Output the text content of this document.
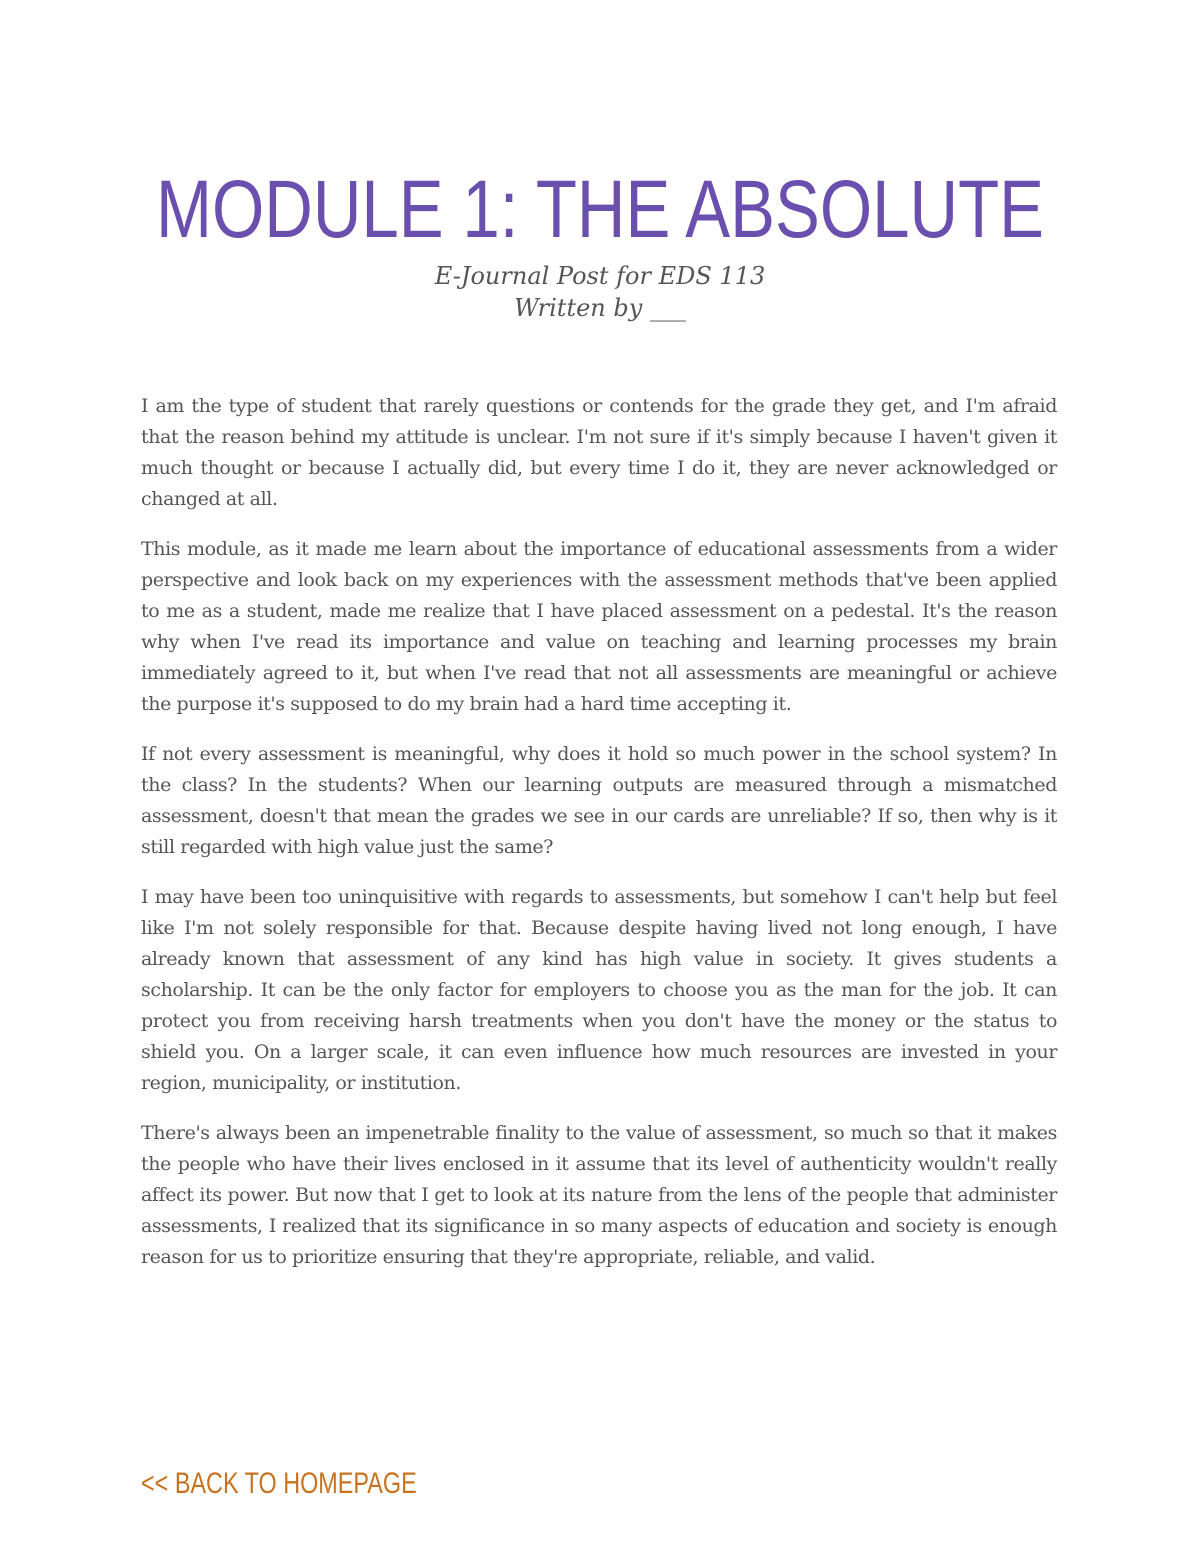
MODULE 1: THE ABSOLUTE
E-Journal Post for EDS 113
Written by ___

I am the type of student that rarely questions or contends for the grade they get, and I'm afraid that the reason behind my attitude is unclear. I'm not sure if it's simply because I haven't given it much thought or because I actually did, but every time I do it, they are never acknowledged or changed at all.

This module, as it made me learn about the importance of educational assessments from a wider perspective and look back on my experiences with the assessment methods that've been applied to me as a student, made me realize that I have placed assessment on a pedestal. It's the reason why when I've read its importance and value on teaching and learning processes my brain immediately agreed to it, but when I've read that not all assessments are meaningful or achieve the purpose it's supposed to do my brain had a hard time accepting it.

If not every assessment is meaningful, why does it hold so much power in the school system? In the class? In the students? When our learning outputs are measured through a mismatched assessment, doesn't that mean the grades we see in our cards are unreliable? If so, then why is it still regarded with high value just the same?

I may have been too uninquisitive with regards to assessments, but somehow I can't help but feel like I'm not solely responsible for that. Because despite having lived not long enough, I have already known that assessment of any kind has high value in society. It gives students a scholarship. It can be the only factor for employers to choose you as the man for the job. It can protect you from receiving harsh treatments when you don't have the money or the status to shield you. On a larger scale, it can even influence how much resources are invested in your region, municipality, or institution.

There's always been an impenetrable finality to the value of assessment, so much so that it makes the people who have their lives enclosed in it assume that its level of authenticity wouldn't really affect its power. But now that I get to look at its nature from the lens of the people that administer assessments, I realized that its significance in so many aspects of education and society is enough reason for us to prioritize ensuring that they're appropriate, reliable, and valid.

<< BACK TO HOMEPAGE
